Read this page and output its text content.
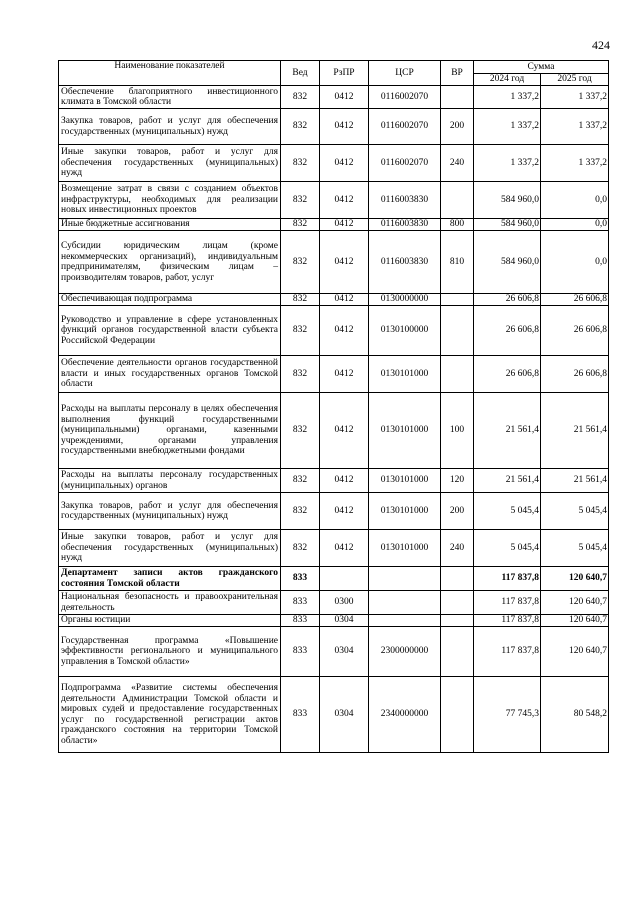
424
Наименование показателей	Вед	РзПР	ЦСР	ВР	Сумма	
					2024 год	2025 год
Обеспечение благоприятного инвестиционного климата в Томской области	832	0412	0116002070		1 337,2	1 337,2
Закупка товаров, работ и услуг для обеспечения государственных (муниципальных) нужд	832	0412	0116002070	200	1 337,2	1 337,2
Иные закупки товаров, работ и услуг для обеспечения государственных (муниципальных) нужд	832	0412	0116002070	240	1 337,2	1 337,2
Возмещение затрат в связи с созданием объектов инфраструктуры, необходимых для реализации новых инвестиционных проектов	832	0412	0116003830		584 960,0	0,0
Иные бюджетные ассигнования	832	0412	0116003830	800	584 960,0	0,0
Субсидии юридическим лицам (кроме некоммерческих организаций), индивидуальным предпринимателям, физическим лицам – производителям товаров, работ, услуг	832	0412	0116003830	810	584 960,0	0,0
Обеспечивающая подпрограмма	832	0412	0130000000		26 606,8	26 606,8
Руководство и управление в сфере установленных функций органов государственной власти субъекта Российской Федерации	832	0412	0130100000		26 606,8	26 606,8
Обеспечение деятельности органов государственной власти и иных государственных органов Томской области	832	0412	0130101000		26 606,8	26 606,8
Расходы на выплаты персоналу в целях обеспечения выполнения функций государственными (муниципальными) органами, казенными учреждениями, органами управления государственными внебюджетными фондами	832	0412	0130101000	100	21 561,4	21 561,4
Расходы на выплаты персоналу государственных (муниципальных) органов	832	0412	0130101000	120	21 561,4	21 561,4
Закупка товаров, работ и услуг для обеспечения государственных (муниципальных) нужд	832	0412	0130101000	200	5 045,4	5 045,4
Иные закупки товаров, работ и услуг для обеспечения государственных (муниципальных) нужд	832	0412	0130101000	240	5 045,4	5 045,4
Департамент записи актов гражданского состояния Томской области	833				117 837,8	120 640,7
Национальная безопасность и правоохранительная деятельность	833	0300			117 837,8	120 640,7
Органы юстиции	833	0304			117 837,8	120 640,7
Государственная программа «Повышение эффективности регионального и муниципального управления в Томской области»	833	0304	2300000000		117 837,8	120 640,7
Подпрограмма «Развитие системы обеспечения деятельности Администрации Томской области и мировых судей и предоставление государственных услуг по государственной регистрации актов гражданского состояния на территории Томской области»	833	0304	2340000000		77 745,3	80 548,2
